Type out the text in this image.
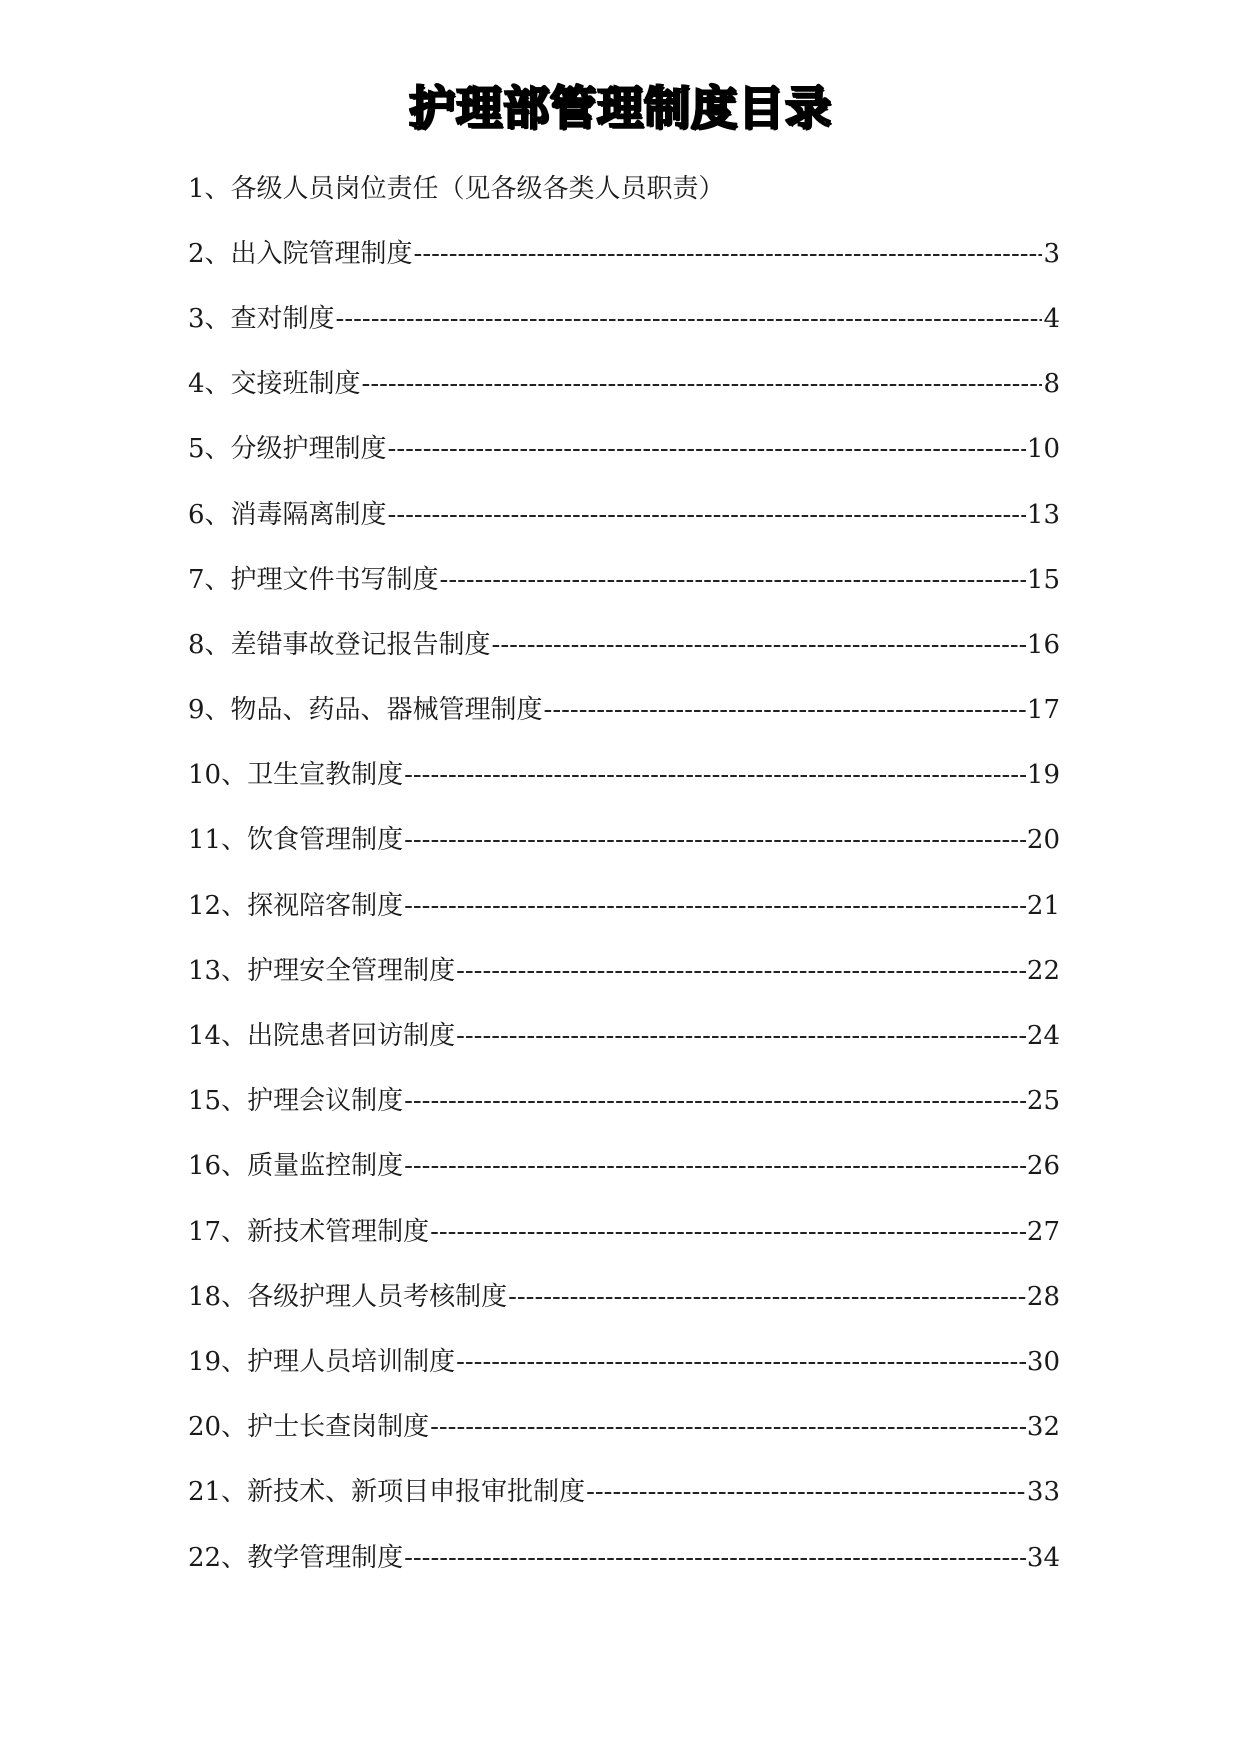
护理部管理制度目录
1、各级人员岗位责任（见各级各类人员职责）
2、出入院管理制度 -----	3
3、查对制度 -----	4
4、交接班制度 -----	8
5、分级护理制度 -----	10
6、消毒隔离制度 -----	13
7、护理文件书写制度 -----	15
8、差错事故登记报告制度 -----	16
9、物品、药品、器械管理制度 -----	17
10、卫生宣教制度 -----	19
11、饮食管理制度 -----	20
12、探视陪客制度 -----	21
13、护理安全管理制度 -----	22
14、出院患者回访制度 -----	24
15、护理会议制度 -----	25
16、质量监控制度 -----	26
17、新技术管理制度 -----	27
18、各级护理人员考核制度 -----	28
19、护理人员培训制度 -----	30
20、护士长查岗制度 -----	32
21、新技术、新项目申报审批制度 -----	33
22、教学管理制度 -----	34
